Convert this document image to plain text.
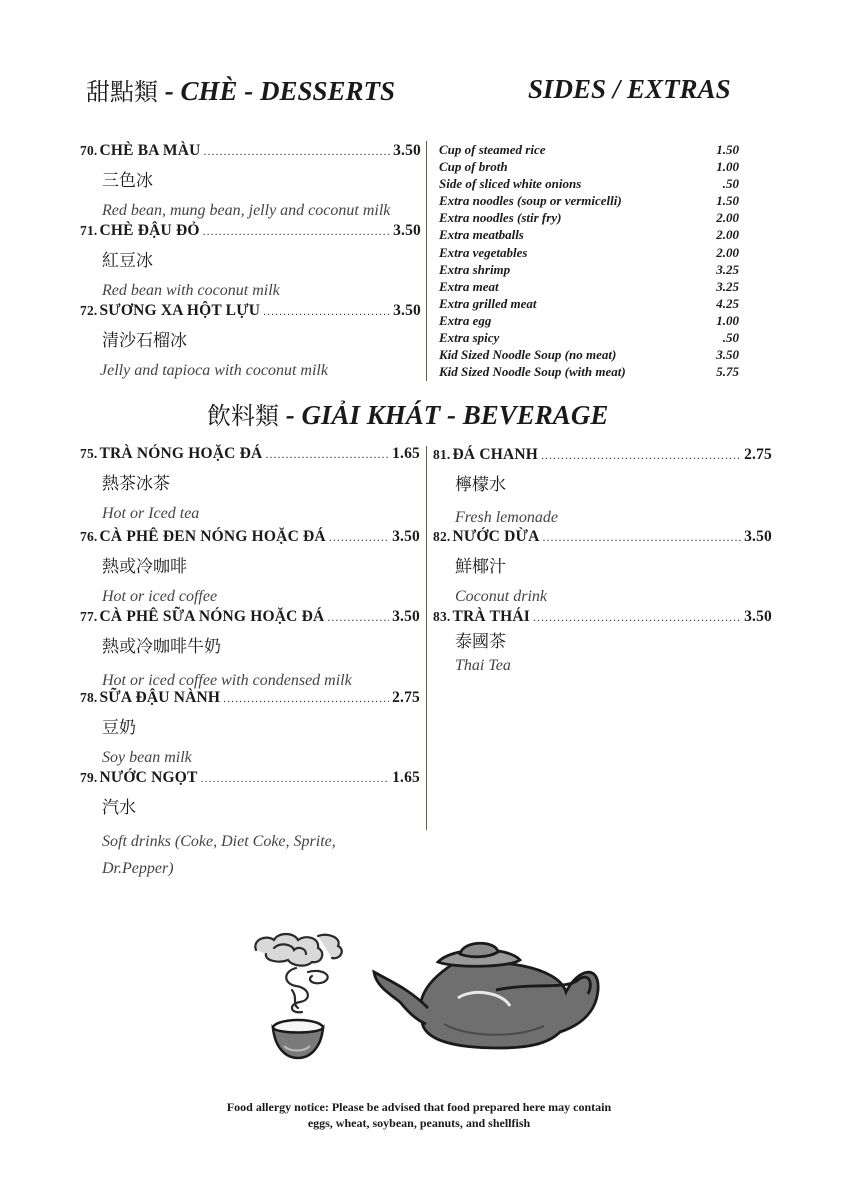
甜點類 - CHÈ - DESSERTS	SIDES / EXTRAS
70. CHÈ BA MÀU .....	3.50
三色冰
Red bean, mung bean, jelly and coconut milk
71. CHÈ ĐẬU ĐỎ .....	3.50
紅豆冰
Red bean with coconut milk
72. SƯƠNG XA HỘT LỰU .....	3.50
清沙石榴冰
Jelly and tapioca with coconut milk
Cup of steamed rice	1.50
Cup of broth	1.00
Side of sliced white onions	.50
Extra noodles (soup or vermicelli)	1.50
Extra noodles (stir fry)	2.00
Extra meatballs	2.00
Extra vegetables	2.00
Extra shrimp	3.25
Extra meat	3.25
Extra grilled meat	4.25
Extra egg	1.00
Extra spicy	.50
Kid Sized Noodle Soup (no meat)	3.50
Kid Sized Noodle Soup (with meat)	5.75
飲料類 - GIẢI KHÁT - BEVERAGE
75. TRÀ NÓNG HOẶC ĐÁ .....	1.65
熱茶冰茶
Hot or Iced tea
76. CÀ PHÊ ĐEN NÓNG HOẶC ĐÁ .....	3.50
熱或冷咖啡
Hot or iced coffee
77. CÀ PHÊ SỮA NÓNG HOẶC ĐÁ .....	3.50
熱或冷咖啡牛奶
Hot or iced coffee with condensed milk
78. SỮA ĐẬU NÀNH .....	2.75
豆奶
Soy bean milk
79. NƯỚC NGỌT .....	1.65
汽水
Soft drinks (Coke, Diet Coke, Sprite,
Dr.Pepper)
81. ĐÁ CHANH .....	2.75
檸檬水
Fresh lemonade
82. NƯỚC DỪA .....	3.50
鮮椰汁
Coconut drink
83. TRÀ THÁI .....	3.50
泰國茶
Thai Tea
Food allergy notice: Please be advised that food prepared here may contain
eggs, wheat, soybean, peanuts, and shellfish
